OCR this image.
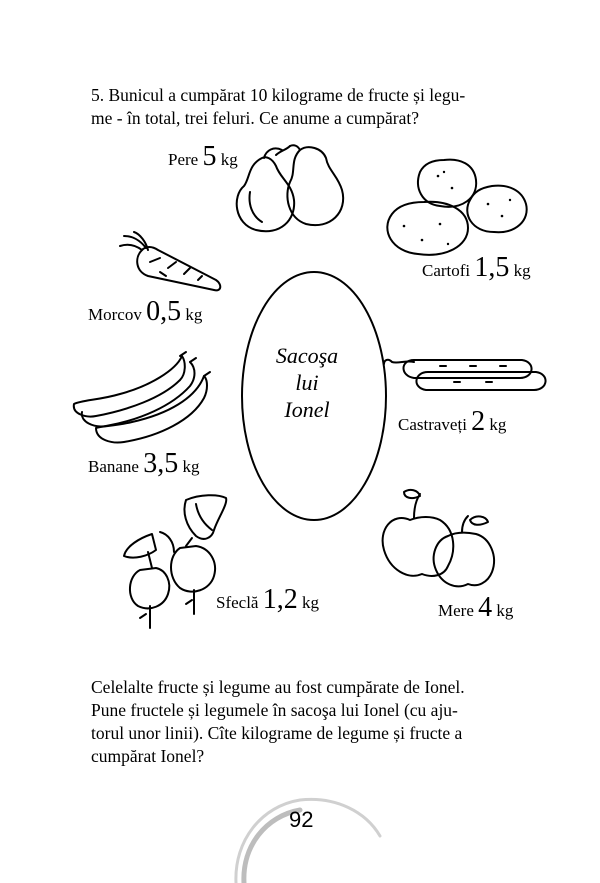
5. Bunicul a cumpărat 10 kilograme de fructe și legu-
me - în total, trei feluri. Ce anume a cumpărat?
Sacoşa
lui
Ionel
Pere 5 kg
Cartofi 1,5 kg
Morcov 0,5 kg
Castraveți 2 kg
Banane 3,5 kg
Sfeclă 1,2 kg	Mere 4 kg
Celelalte fructe și legume au fost cumpărate de Ionel.
Pune fructele și legumele în sacoşa lui Ionel (cu aju-
torul unor linii). Cîte kilograme de legume și fructe a
cumpărat Ionel?
92
